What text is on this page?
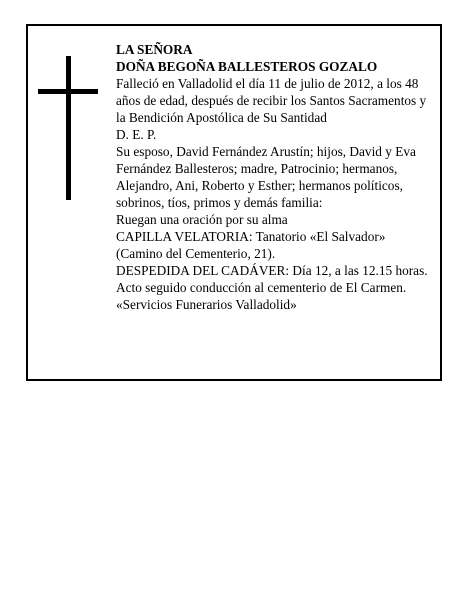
LA SEÑORA

DOÑA BEGOÑA BALLESTEROS GOZALO

Falleció en Valladolid el día 11 de julio de 2012, a los 48 años de edad, después de recibir los Santos Sacramentos y la Bendición Apostólica de Su Santidad

D. E. P.

Su esposo, David Fernández Arustín; hijos, David y Eva Fernández Ballesteros; madre, Patrocinio; hermanos, Alejandro, Ani, Roberto y Esther; hermanos políticos, sobrinos, tíos, primos y demás familia:

Ruegan una oración por su alma

CAPILLA VELATORIA: Tanatorio «El Salvador» (Camino del Cementerio, 21).

DESPEDIDA DEL CADÁVER: Día 12, a las 12.15 horas. Acto seguido conducción al cementerio de El Carmen.

«Servicios Funerarios Valladolid»
